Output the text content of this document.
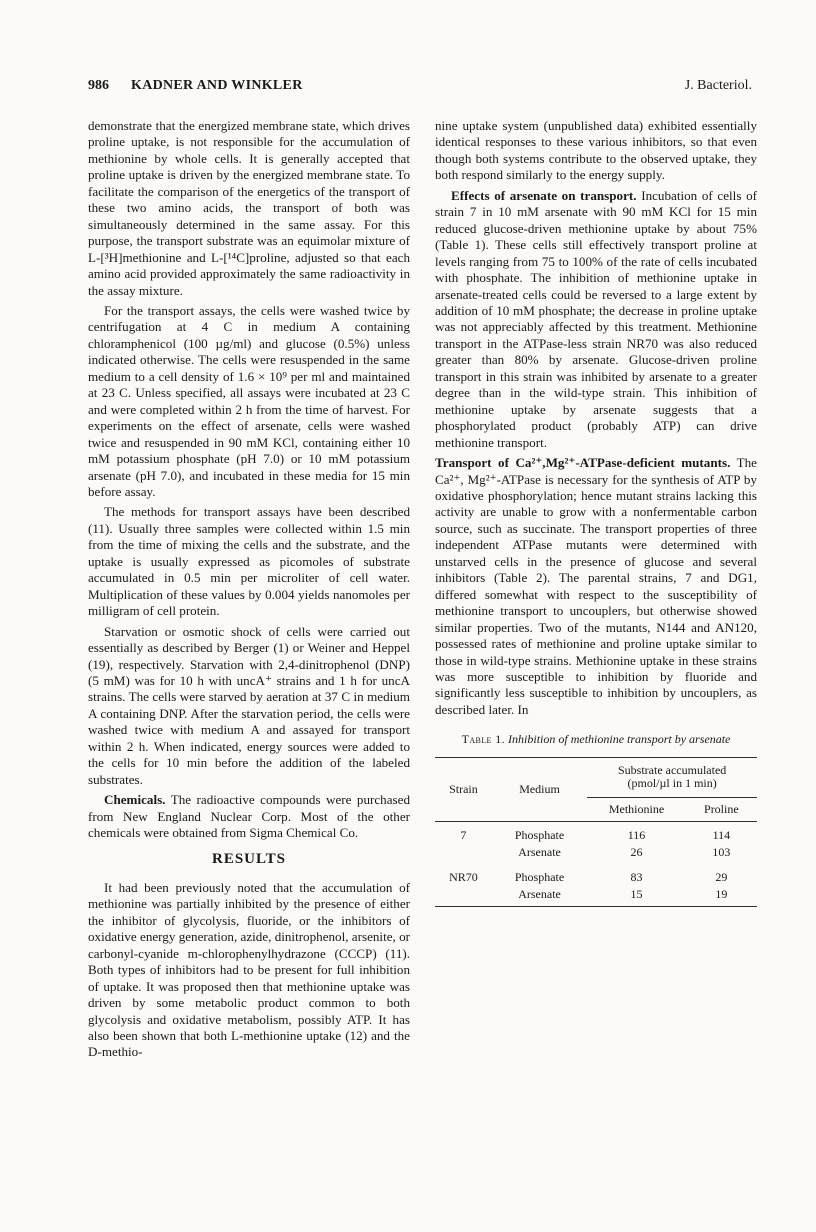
986 KADNER AND WINKLER	J. Bacteriol.

demonstrate that the energized membrane state, which drives proline uptake, is not responsible for the accumulation of methionine by whole cells. It is generally accepted that proline uptake is driven by the energized membrane state. To facilitate the comparison of the energetics of the transport of these two amino acids, the transport of both was simultaneously determined in the same assay. For this purpose, the transport substrate was an equimolar mixture of L-[³H]methionine and L-[¹⁴C]proline, adjusted so that each amino acid provided approximately the same radioactivity in the assay mixture.

For the transport assays, the cells were washed twice by centrifugation at 4 C in medium A containing chloramphenicol (100 µg/ml) and glucose (0.5%) unless indicated otherwise. The cells were resuspended in the same medium to a cell density of 1.6 × 10⁹ per ml and maintained at 23 C. Unless specified, all assays were incubated at 23 C and were completed within 2 h from the time of harvest. For experiments on the effect of arsenate, cells were washed twice and resuspended in 90 mM KCl, containing either 10 mM potassium phosphate (pH 7.0) or 10 mM potassium arsenate (pH 7.0), and incubated in these media for 15 min before assay.

The methods for transport assays have been described (11). Usually three samples were collected within 1.5 min from the time of mixing the cells and the substrate, and the uptake is usually expressed as picomoles of substrate accumulated in 0.5 min per microliter of cell water. Multiplication of these values by 0.004 yields nanomoles per milligram of cell protein.

Starvation or osmotic shock of cells were carried out essentially as described by Berger (1) or Weiner and Heppel (19), respectively. Starvation with 2,4-dinitrophenol (DNP) (5 mM) was for 10 h with uncA⁺ strains and 1 h for uncA strains. The cells were starved by aeration at 37 C in medium A containing DNP. After the starvation period, the cells were washed twice with medium A and assayed for transport within 2 h. When indicated, energy sources were added to the cells for 10 min before the addition of the labeled substrates.

Chemicals. The radioactive compounds were purchased from New England Nuclear Corp. Most of the other chemicals were obtained from Sigma Chemical Co.

RESULTS

It had been previously noted that the accumulation of methionine was partially inhibited by the presence of either the inhibitor of glycolysis, fluoride, or the inhibitors of oxidative energy generation, azide, dinitrophenol, arsenite, or carbonyl-cyanide m-chlorophenylhydrazone (CCCP) (11). Both types of inhibitors had to be present for full inhibition of uptake. It was proposed then that methionine uptake was driven by some metabolic product common to both glycolysis and oxidative metabolism, possibly ATP. It has also been shown that both L-methionine uptake (12) and the D-methio-

nine uptake system (unpublished data) exhibited essentially identical responses to these various inhibitors, so that even though both systems contribute to the observed uptake, they both respond similarly to the energy supply.

Effects of arsenate on transport. Incubation of cells of strain 7 in 10 mM arsenate with 90 mM KCl for 15 min reduced glucose-driven methionine uptake by about 75% (Table 1). These cells still effectively transport proline at levels ranging from 75 to 100% of the rate of cells incubated with phosphate. The inhibition of methionine uptake in arsenate-treated cells could be reversed to a large extent by addition of 10 mM phosphate; the decrease in proline uptake was not appreciably affected by this treatment. Methionine transport in the ATPase-less strain NR70 was also reduced greater than 80% by arsenate. Glucose-driven proline transport in this strain was inhibited by arsenate to a greater degree than in the wild-type strain. This inhibition of methionine uptake by arsenate suggests that a phosphorylated product (probably ATP) can drive methionine transport.

Transport of Ca²⁺,Mg²⁺-ATPase-deficient mutants. The Ca²⁺, Mg²⁺-ATPase is necessary for the synthesis of ATP by oxidative phosphorylation; hence mutant strains lacking this activity are unable to grow with a nonfermentable carbon source, such as succinate. The transport properties of three independent ATPase mutants were determined with unstarved cells in the presence of glucose and several inhibitors (Table 2). The parental strains, 7 and DG1, differed somewhat with respect to the susceptibility of methionine transport to uncouplers, but otherwise showed similar properties. Two of the mutants, N144 and AN120, possessed rates of methionine and proline uptake similar to those in wild-type strains. Methionine uptake in these strains was more susceptible to inhibition by fluoride and significantly less susceptible to inhibition by uncouplers, as described later. In

Table 1. Inhibition of methionine transport by arsenate
Strain	Medium	Substrate accumulated (pmol/µl in 1 min)	
		Methionine	Proline
7	Phosphate	116	114
	Arsenate	26	103
NR70	Phosphate	83	29
	Arsenate	15	19
